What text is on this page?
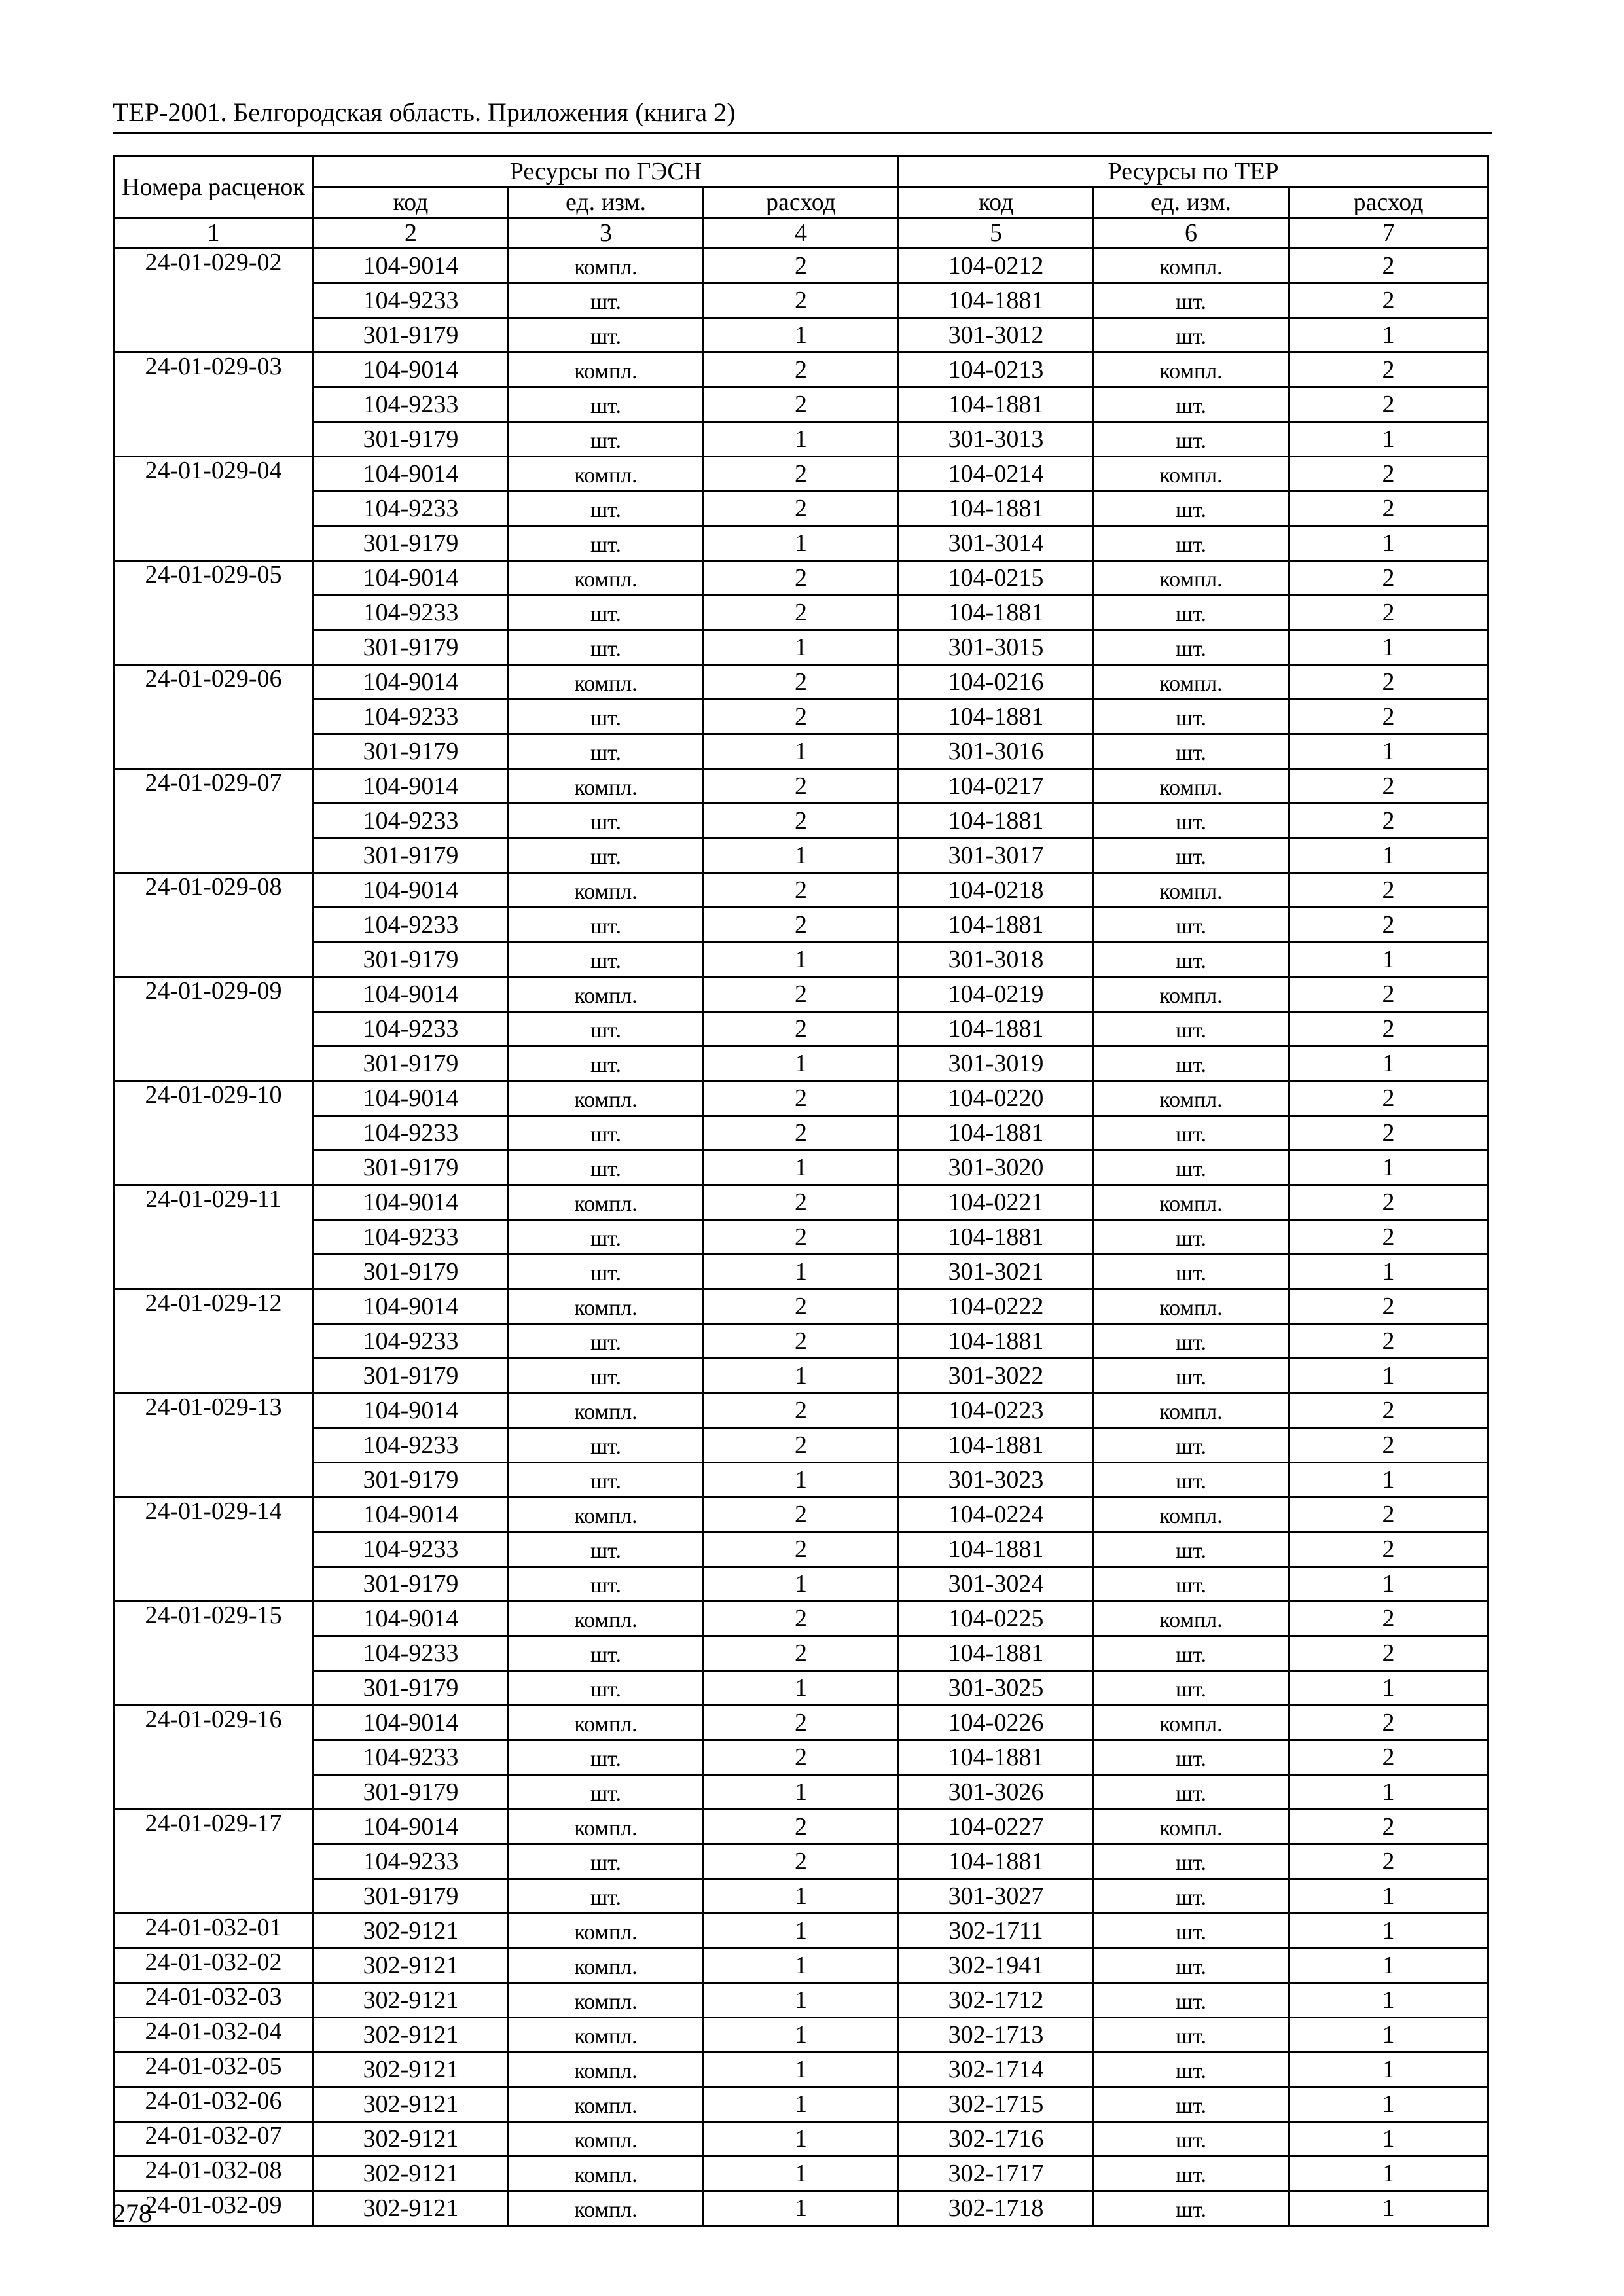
ТЕР-2001. Белгородская область. Приложения (книга 2)
Номера расценок	Ресурсы по ГЭСН			Ресурсы по ТЕР		
	код	ед. изм.	расход	код	ед. изм.	расход
1	2	3	4	5	6	7
24-01-029-02	104-9014	компл.	2	104-0212	компл.	2
	104-9233	шт.	2	104-1881	шт.	2
	301-9179	шт.	1	301-3012	шт.	1
24-01-029-03	104-9014	компл.	2	104-0213	компл.	2
	104-9233	шт.	2	104-1881	шт.	2
	301-9179	шт.	1	301-3013	шт.	1
24-01-029-04	104-9014	компл.	2	104-0214	компл.	2
	104-9233	шт.	2	104-1881	шт.	2
	301-9179	шт.	1	301-3014	шт.	1
24-01-029-05	104-9014	компл.	2	104-0215	компл.	2
	104-9233	шт.	2	104-1881	шт.	2
	301-9179	шт.	1	301-3015	шт.	1
24-01-029-06	104-9014	компл.	2	104-0216	компл.	2
	104-9233	шт.	2	104-1881	шт.	2
	301-9179	шт.	1	301-3016	шт.	1
24-01-029-07	104-9014	компл.	2	104-0217	компл.	2
	104-9233	шт.	2	104-1881	шт.	2
	301-9179	шт.	1	301-3017	шт.	1
24-01-029-08	104-9014	компл.	2	104-0218	компл.	2
	104-9233	шт.	2	104-1881	шт.	2
	301-9179	шт.	1	301-3018	шт.	1
24-01-029-09	104-9014	компл.	2	104-0219	компл.	2
	104-9233	шт.	2	104-1881	шт.	2
	301-9179	шт.	1	301-3019	шт.	1
24-01-029-10	104-9014	компл.	2	104-0220	компл.	2
	104-9233	шт.	2	104-1881	шт.	2
	301-9179	шт.	1	301-3020	шт.	1
24-01-029-11	104-9014	компл.	2	104-0221	компл.	2
	104-9233	шт.	2	104-1881	шт.	2
	301-9179	шт.	1	301-3021	шт.	1
24-01-029-12	104-9014	компл.	2	104-0222	компл.	2
	104-9233	шт.	2	104-1881	шт.	2
	301-9179	шт.	1	301-3022	шт.	1
24-01-029-13	104-9014	компл.	2	104-0223	компл.	2
	104-9233	шт.	2	104-1881	шт.	2
	301-9179	шт.	1	301-3023	шт.	1
24-01-029-14	104-9014	компл.	2	104-0224	компл.	2
	104-9233	шт.	2	104-1881	шт.	2
	301-9179	шт.	1	301-3024	шт.	1
24-01-029-15	104-9014	компл.	2	104-0225	компл.	2
	104-9233	шт.	2	104-1881	шт.	2
	301-9179	шт.	1	301-3025	шт.	1
24-01-029-16	104-9014	компл.	2	104-0226	компл.	2
	104-9233	шт.	2	104-1881	шт.	2
	301-9179	шт.	1	301-3026	шт.	1
24-01-029-17	104-9014	компл.	2	104-0227	компл.	2
	104-9233	шт.	2	104-1881	шт.	2
	301-9179	шт.	1	301-3027	шт.	1
24-01-032-01	302-9121	компл.	1	302-1711	шт.	1
24-01-032-02	302-9121	компл.	1	302-1941	шт.	1
24-01-032-03	302-9121	компл.	1	302-1712	шт.	1
24-01-032-04	302-9121	компл.	1	302-1713	шт.	1
24-01-032-05	302-9121	компл.	1	302-1714	шт.	1
24-01-032-06	302-9121	компл.	1	302-1715	шт.	1
24-01-032-07	302-9121	компл.	1	302-1716	шт.	1
24-01-032-08	302-9121	компл.	1	302-1717	шт.	1
24-01-032-09	302-9121	компл.	1	302-1718	шт.	1
278
